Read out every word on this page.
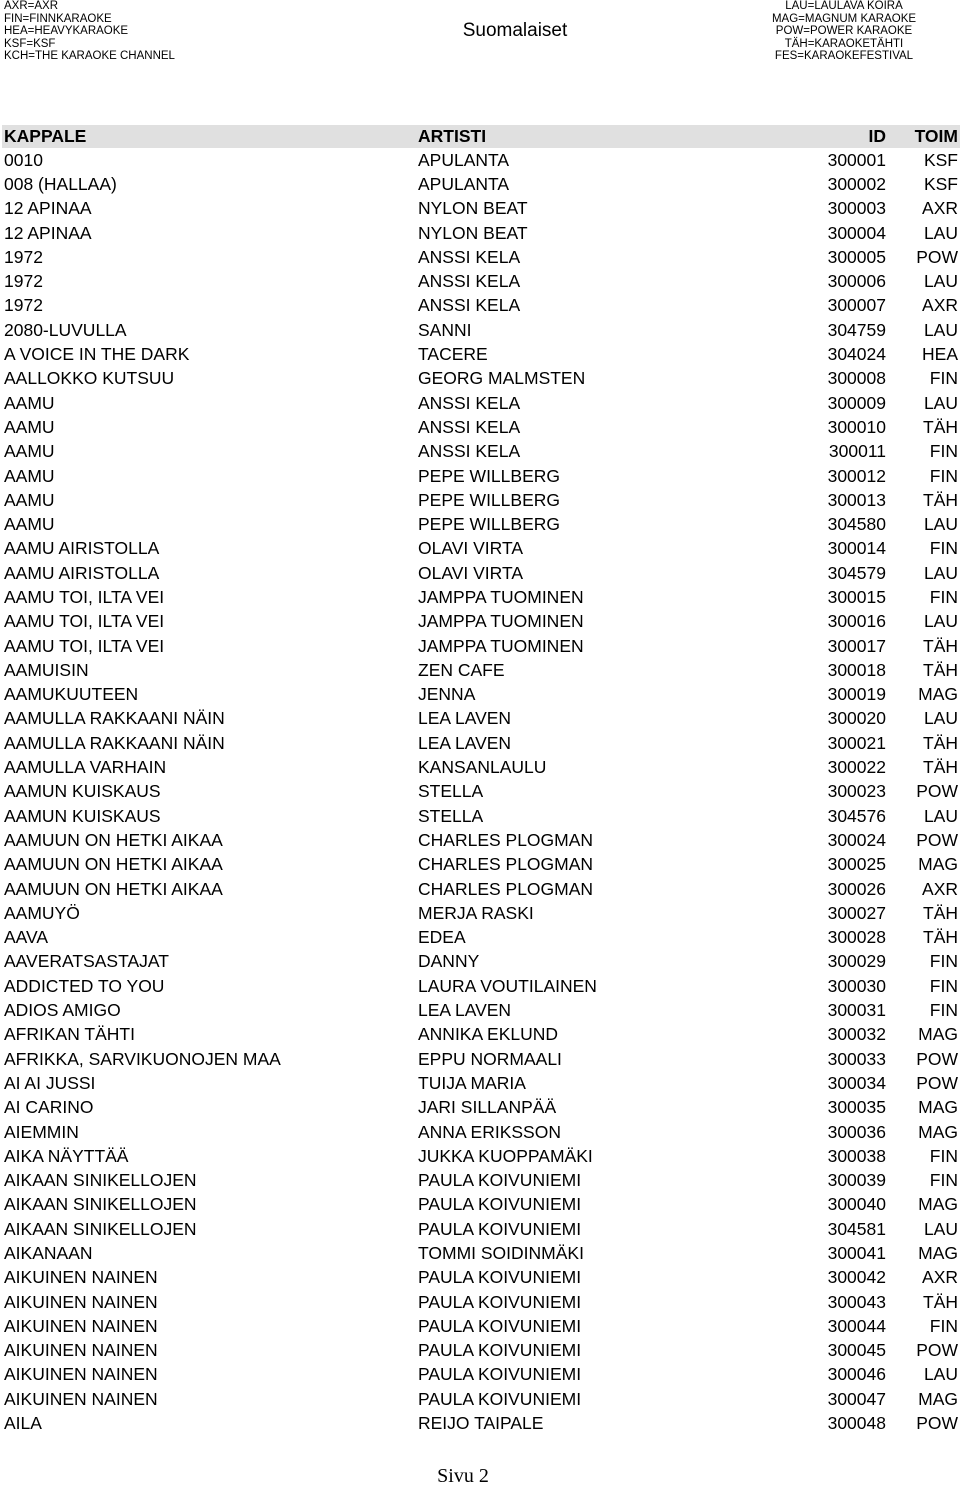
AXR=AXR
FIN=FINNKARAOKE
HEA=HEAVYKARAOKE
KSF=KSF
KCH=THE KARAOKE CHANNEL
Suomalaiset
LAU=LAULAVA KOIRA
MAG=MAGNUM KARAOKE
POW=POWER KARAOKE
TÄH=KARAOKETÄHTI
FES=KARAOKEFESTIVAL
KAPPALE	ARTISTI	ID	TOIM
0010	APULANTA	300001	KSF
008 (HALLAA)	APULANTA	300002	KSF
12 APINAA	NYLON BEAT	300003	AXR
12 APINAA	NYLON BEAT	300004	LAU
1972	ANSSI KELA	300005	POW
1972	ANSSI KELA	300006	LAU
1972	ANSSI KELA	300007	AXR
2080-LUVULLA	SANNI	304759	LAU
A VOICE IN THE DARK	TACERE	304024	HEA
AALLOKKO KUTSUU	GEORG MALMSTEN	300008	FIN
AAMU	ANSSI KELA	300009	LAU
AAMU	ANSSI KELA	300010	TÄH
AAMU	ANSSI KELA	300011	FIN
AAMU	PEPE WILLBERG	300012	FIN
AAMU	PEPE WILLBERG	300013	TÄH
AAMU	PEPE WILLBERG	304580	LAU
AAMU AIRISTOLLA	OLAVI VIRTA	300014	FIN
AAMU AIRISTOLLA	OLAVI VIRTA	304579	LAU
AAMU TOI, ILTA VEI	JAMPPA TUOMINEN	300015	FIN
AAMU TOI, ILTA VEI	JAMPPA TUOMINEN	300016	LAU
AAMU TOI, ILTA VEI	JAMPPA TUOMINEN	300017	TÄH
AAMUISIN	ZEN CAFE	300018	TÄH
AAMUKUUTEEN	JENNA	300019	MAG
AAMULLA RAKKAANI NÄIN	LEA LAVEN	300020	LAU
AAMULLA RAKKAANI NÄIN	LEA LAVEN	300021	TÄH
AAMULLA VARHAIN	KANSANLAULU	300022	TÄH
AAMUN KUISKAUS	STELLA	300023	POW
AAMUN KUISKAUS	STELLA	304576	LAU
AAMUUN ON HETKI AIKAA	CHARLES PLOGMAN	300024	POW
AAMUUN ON HETKI AIKAA	CHARLES PLOGMAN	300025	MAG
AAMUUN ON HETKI AIKAA	CHARLES PLOGMAN	300026	AXR
AAMUYÖ	MERJA RASKI	300027	TÄH
AAVA	EDEA	300028	TÄH
AAVERATSASTAJAT	DANNY	300029	FIN
ADDICTED TO YOU	LAURA VOUTILAINEN	300030	FIN
ADIOS AMIGO	LEA LAVEN	300031	FIN
AFRIKAN TÄHTI	ANNIKA EKLUND	300032	MAG
AFRIKKA, SARVIKUONOJEN MAA	EPPU NORMAALI	300033	POW
AI AI JUSSI	TUIJA MARIA	300034	POW
AI CARINO	JARI SILLANPÄÄ	300035	MAG
AIEMMIN	ANNA ERIKSSON	300036	MAG
AIKA NÄYTTÄÄ	JUKKA KUOPPAMÄKI	300038	FIN
AIKAAN SINIKELLOJEN	PAULA KOIVUNIEMI	300039	FIN
AIKAAN SINIKELLOJEN	PAULA KOIVUNIEMI	300040	MAG
AIKAAN SINIKELLOJEN	PAULA KOIVUNIEMI	304581	LAU
AIKANAAN	TOMMI SOIDINMÄKI	300041	MAG
AIKUINEN NAINEN	PAULA KOIVUNIEMI	300042	AXR
AIKUINEN NAINEN	PAULA KOIVUNIEMI	300043	TÄH
AIKUINEN NAINEN	PAULA KOIVUNIEMI	300044	FIN
AIKUINEN NAINEN	PAULA KOIVUNIEMI	300045	POW
AIKUINEN NAINEN	PAULA KOIVUNIEMI	300046	LAU
AIKUINEN NAINEN	PAULA KOIVUNIEMI	300047	MAG
AILA	REIJO TAIPALE	300048	POW
Sivu 2
